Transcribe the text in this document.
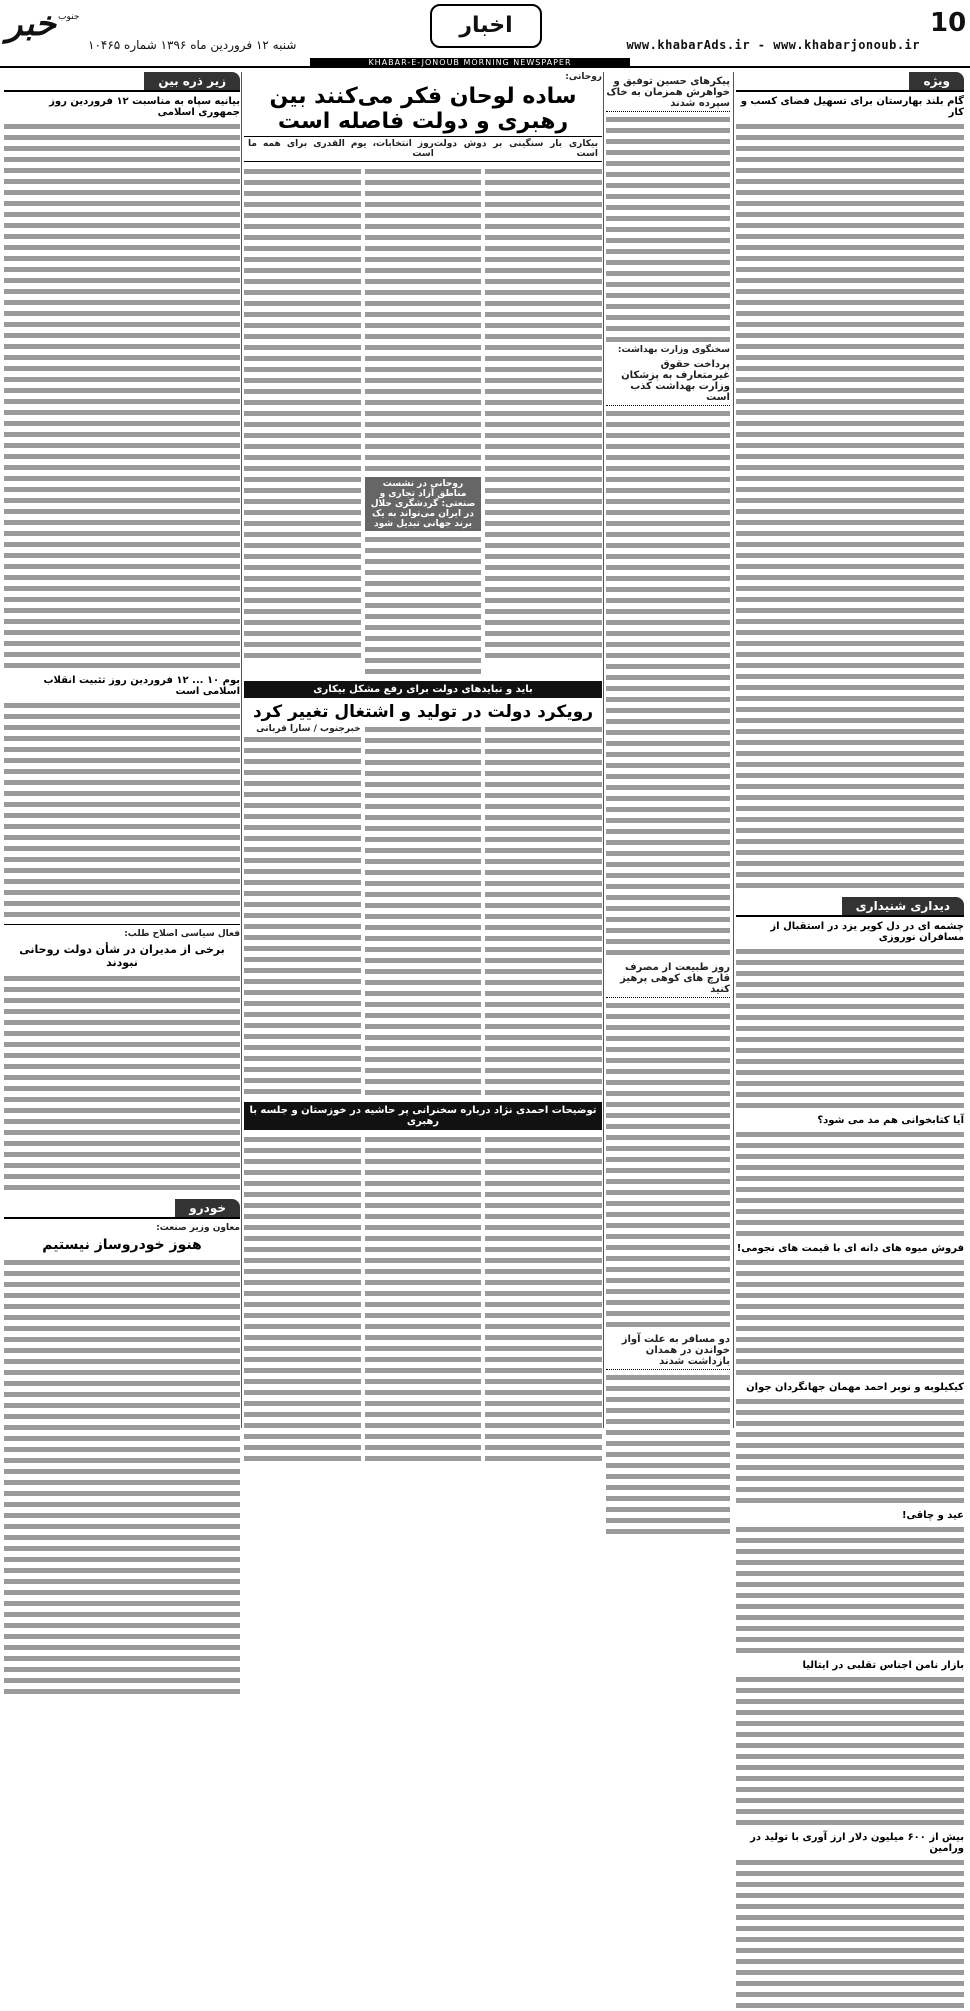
10
www.khabarAds.ir - www.khabarjonoub.ir
اخبار
شنبه ۱۲ فروردین ماه ۱۳۹۶ شماره ۱۰۴۶۵
خبر جنوب
KHABAR-E-JONOUB MORNING NEWSPAPER
ویژه
گام بلند بهارستان برای تسهیل فضای کسب و کار
دیداری شنیداری
چشمه ای در دل کویر یزد در استقبال از مسافران نوروزی
آیا کتابخوانی هم مد می شود؟
فروش میوه های دانه ای با قیمت های نجومی!
کیکیلوبه و نوبر احمد مهمان جهانگردان جوان
عید و چاقی!
بازار نامن اجناس تقلبی در ایتالیا
بیش از ۶۰۰ میلیون دلار ارز آوری با تولید در ورامین
پیکرهای حسین توفیق و خواهرش همزمان به خاک سپرده شدند
سخنگوی وزارت بهداشت:
پرداخت حقوق غیرمتعارف به پزشکان وزارت بهداشت کذب است
روز طبیعت از مصرف قارچ های کوهی پرهیز کنید
دو مسافر به علت آواز خواندن در همدان بازداشت شدند
روحانی:
ساده لوحان فکر می‌کنند بین رهبری و دولت فاصله است
بیکاری بار سنگینی بر دوش دولت است
روز انتخابات، یوم القدری برای همه ما است
روحانی در نشست مناطق آزاد تجاری و صنعتی: گردشگری حلال در ایران می‌تواند به یک برند جهانی تبدیل شود
باید و نبایدهای دولت برای رفع مشکل بیکاری
رویکرد دولت در تولید و اشتغال تغییر کرد
خبرجنوب / سارا قربانی
توضیحات احمدی نژاد درباره سخنرانی پر حاشیه در خوزستان و جلسه با رهبری
زیر ذره بین
بیانیه سپاه به مناسبت ۱۲ فروردین روز جمهوری اسلامی
بوم ۱۰ ... ۱۲ فروردین روز تثبیت انقلاب اسلامی است
فعال سیاسی اصلاح طلب:
برخی از مدیران در شأن دولت روحانی نبودند
خودرو
معاون وزیر صنعت:
هنوز خودروساز نیستیم
